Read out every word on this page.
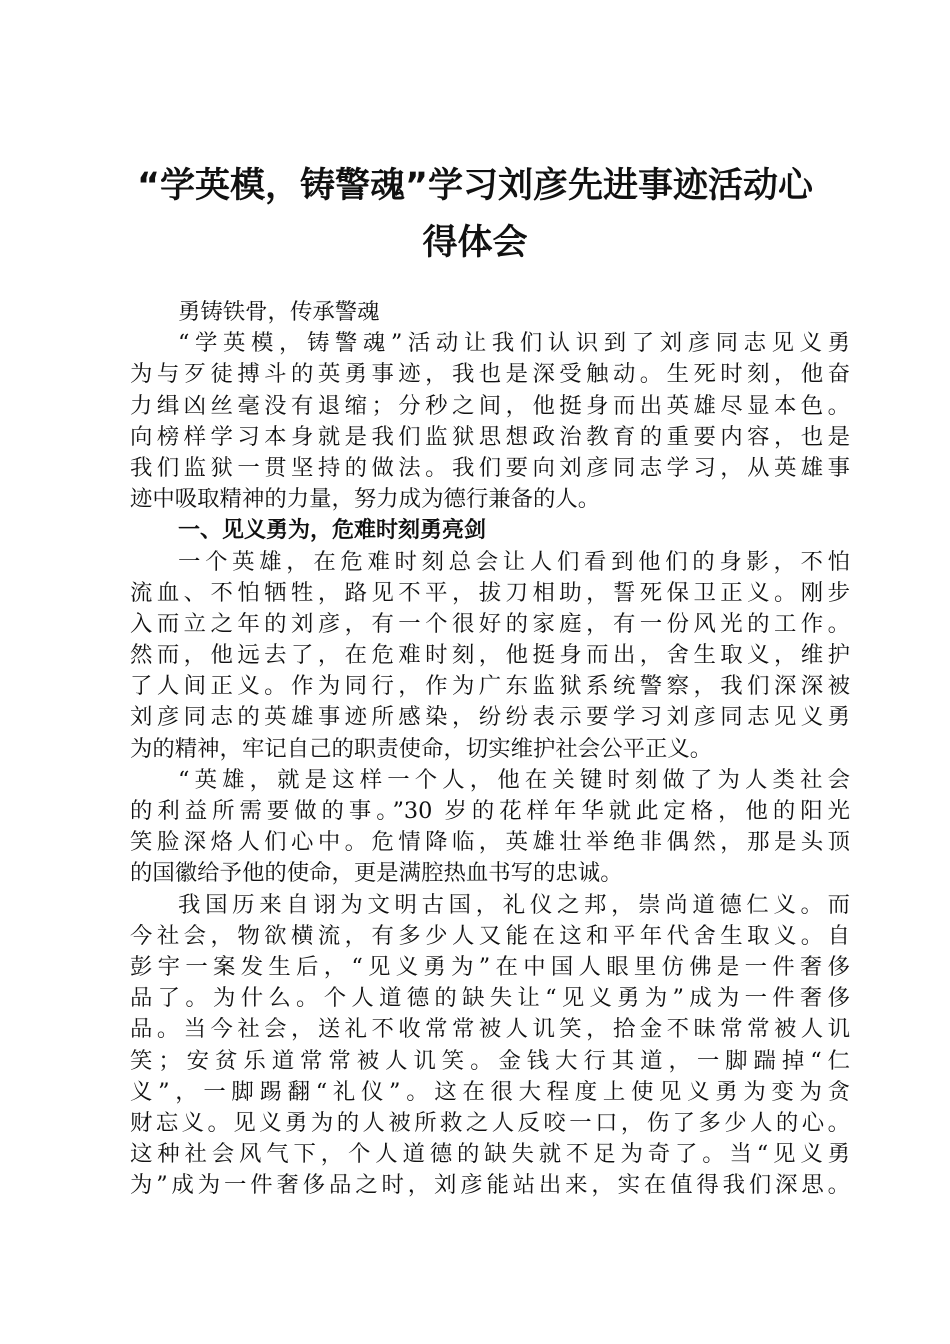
“学英模，铸警魂”学习刘彦先进事迹活动心
得体会
勇铸铁骨，传承警魂
“学英模，铸警魂”活动让我们认识到了刘彦同志见义勇
为与歹徒搏斗的英勇事迹，我也是深受触动。生死时刻，他奋
力缉凶丝毫没有退缩；分秒之间，他挺身而出英雄尽显本色。
向榜样学习本身就是我们监狱思想政治教育的重要内容，也是
我们监狱一贯坚持的做法。我们要向刘彦同志学习，从英雄事
迹中吸取精神的力量，努力成为德行兼备的人。
一、见义勇为，危难时刻勇亮剑
一个英雄，在危难时刻总会让人们看到他们的身影，不怕
流血、不怕牺牲，路见不平，拔刀相助，誓死保卫正义。刚步
入而立之年的刘彦，有一个很好的家庭，有一份风光的工作。
然而，他远去了，在危难时刻，他挺身而出，舍生取义，维护
了人间正义。作为同行，作为广东监狱系统警察，我们深深被
刘彦同志的英雄事迹所感染，纷纷表示要学习刘彦同志见义勇
为的精神，牢记自己的职责使命，切实维护社会公平正义。
“英雄，就是这样一个人，他在关键时刻做了为人类社会
的利益所需要做的事。”30 岁的花样年华就此定格，他的阳光
笑脸深烙人们心中。危情降临，英雄壮举绝非偶然，那是头顶
的国徽给予他的使命，更是满腔热血书写的忠诚。
我国历来自诩为文明古国，礼仪之邦，崇尚道德仁义。而
今社会，物欲横流，有多少人又能在这和平年代舍生取义。自
彭宇一案发生后，“见义勇为”在中国人眼里仿佛是一件奢侈
品了。为什么。个人道德的缺失让“见义勇为”成为一件奢侈
品。当今社会，送礼不收常常被人讥笑，拾金不昧常常被人讥
笑；安贫乐道常常被人讥笑。金钱大行其道，一脚踹掉“仁
义”，一脚踢翻“礼仪”。这在很大程度上使见义勇为变为贪
财忘义。见义勇为的人被所救之人反咬一口，伤了多少人的心。
这种社会风气下，个人道德的缺失就不足为奇了。当“见义勇
为”成为一件奢侈品之时，刘彦能站出来，实在值得我们深思。
